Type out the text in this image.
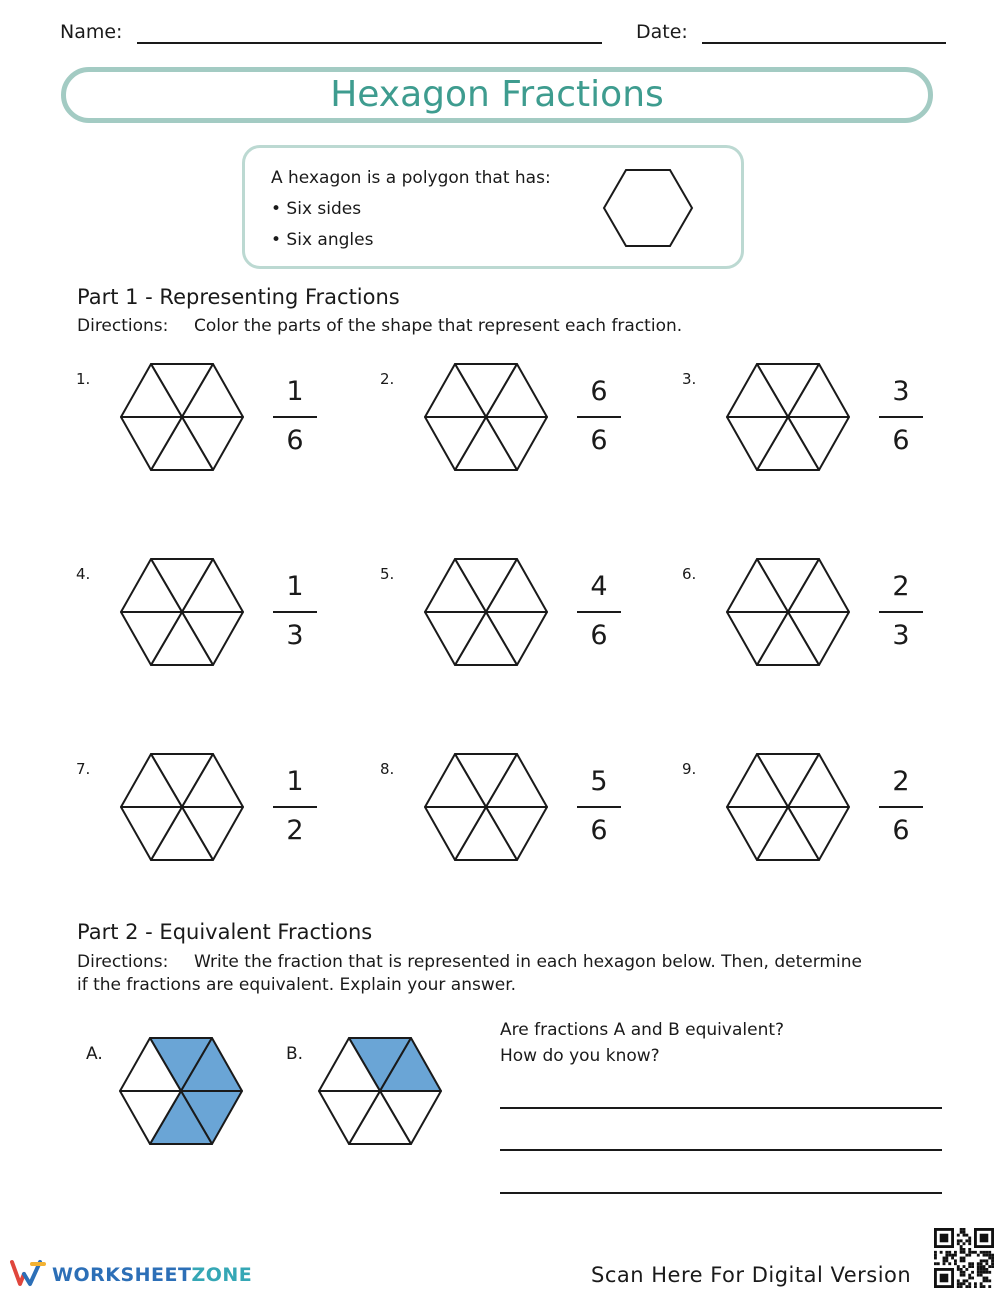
Name:	Date:
Hexagon Fractions
A hexagon is a polygon that has:
• Six sides
• Six angles
Part 1 - Representing Fractions
Directions: Color the parts of the shape that represent each fraction.
1.	1
6
2.	6
6
3.	3
6
4.	1
3
5.	4
6
6.	2
3
7.	1
2
8.	5
6
9.	2
6
Part 2 - Equivalent Fractions
Directions: Write the fraction that is represented in each hexagon below. Then, determine
if the fractions are equivalent. Explain your answer.
A.	B.
Are fractions A and B equivalent?
How do you know?
WORKSHEETZONE	Scan Here For Digital Version
